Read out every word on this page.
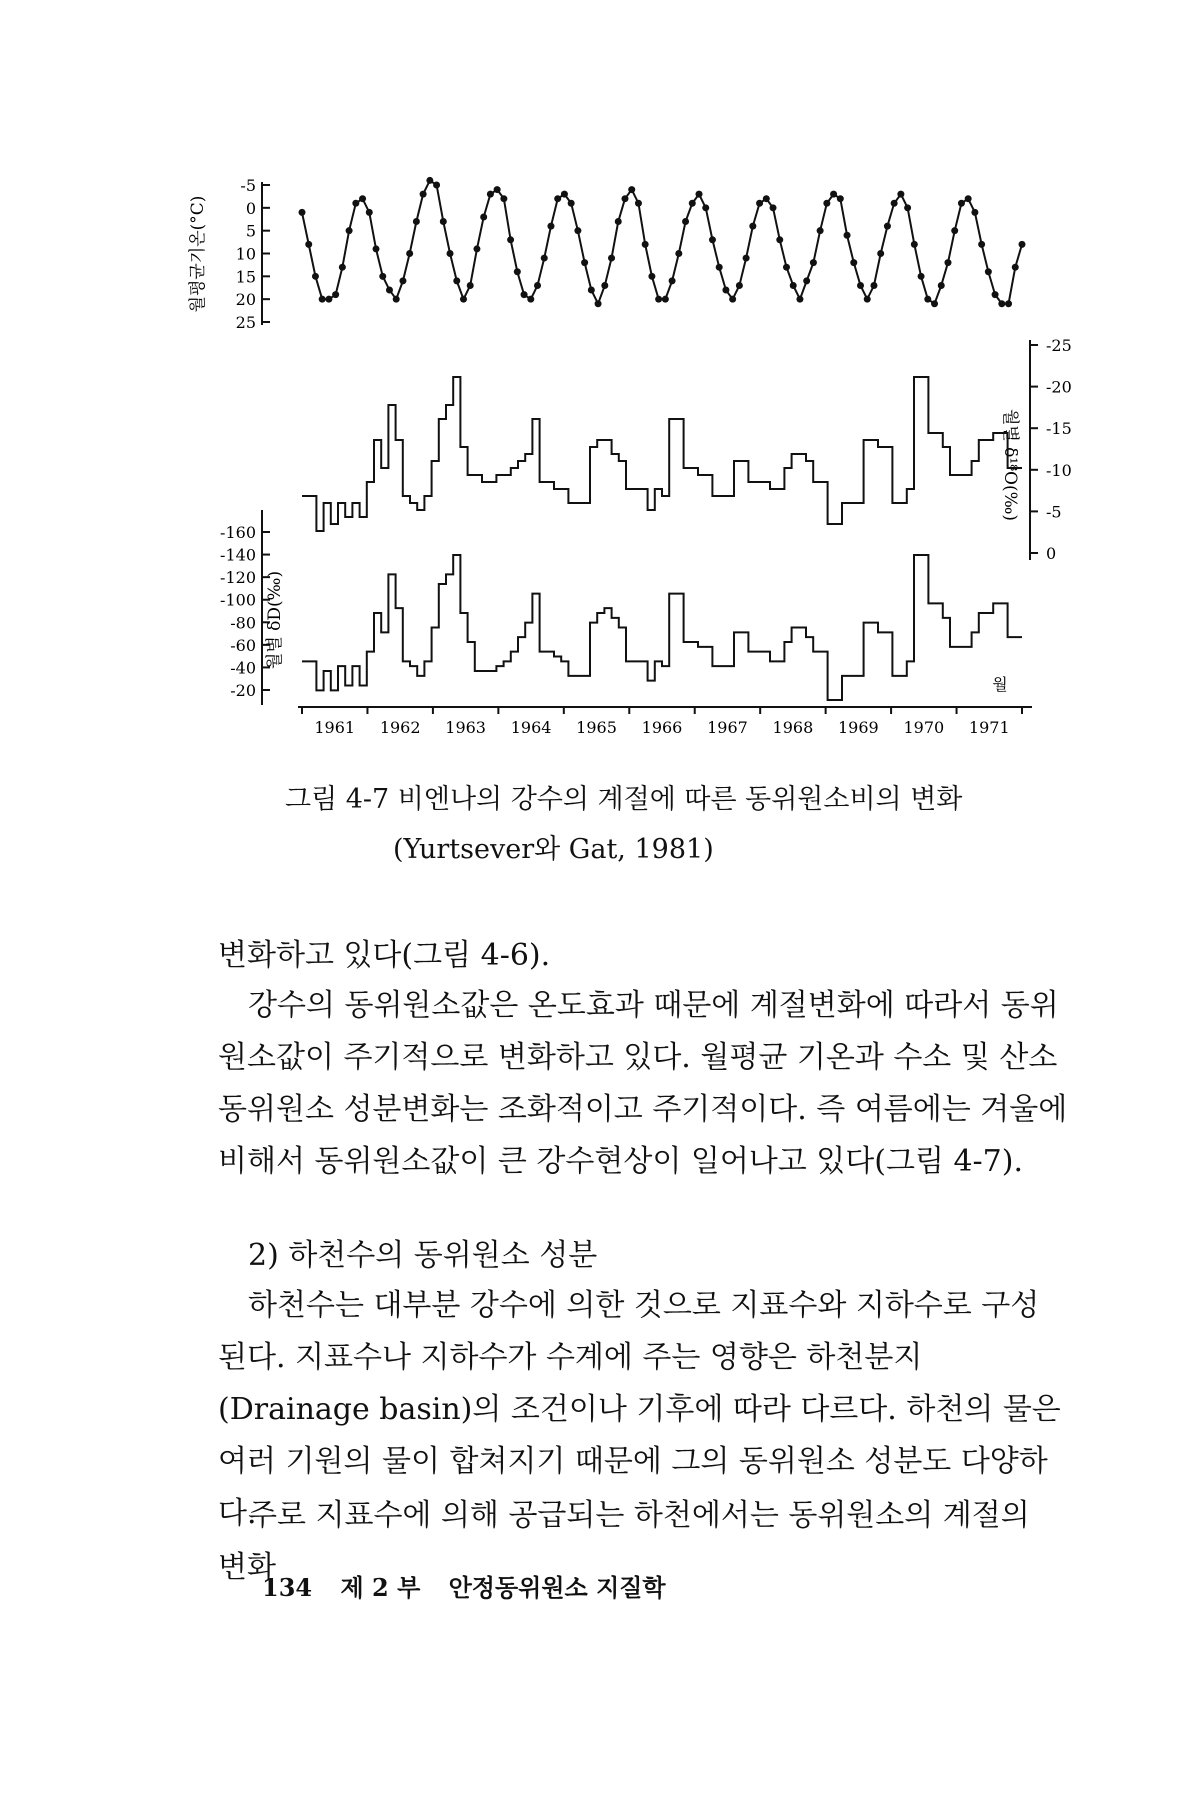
-5
0
5
10
15
20
25
월평균기온(°C)
-25
-20
-15
-10
-5
0
월별 δ¹⁸O(‰)
-160
-140
-120
-100
-80
-60
-40
-20
월별 δD(‰)
1961 1962 1963 1964 1965 1966 1967 1968 1969 1970 1971
월
그림 4-7 비엔나의 강수의 계절에 따른 동위원소비의 변화
(Yurtsever와 Gat, 1981)

변화하고 있다(그림 4-6).

강수의 동위원소값은 온도효과 때문에 계절변화에 따라서 동위원소값이 주기적으로 변화하고 있다. 월평균 기온과 수소 및 산소 동위원소 성분변화는 조화적이고 주기적이다. 즉 여름에는 겨울에 비해서 동위원소값이 큰 강수현상이 일어나고 있다(그림 4-7).

2) 하천수의 동위원소 성분

하천수는 대부분 강수에 의한 것으로 지표수와 지하수로 구성된다. 지표수나 지하수가 수계에 주는 영향은 하천분지(Drainage basin)의 조건이나 기후에 따라 다르다. 하천의 물은 여러 기원의 물이 합쳐지기 때문에 그의 동위원소 성분도 다양하다.

주로 지표수에 의해 공급되는 하천에서는 동위원소의 계절의 변화

134 제 2 부 안정동위원소 지질학
